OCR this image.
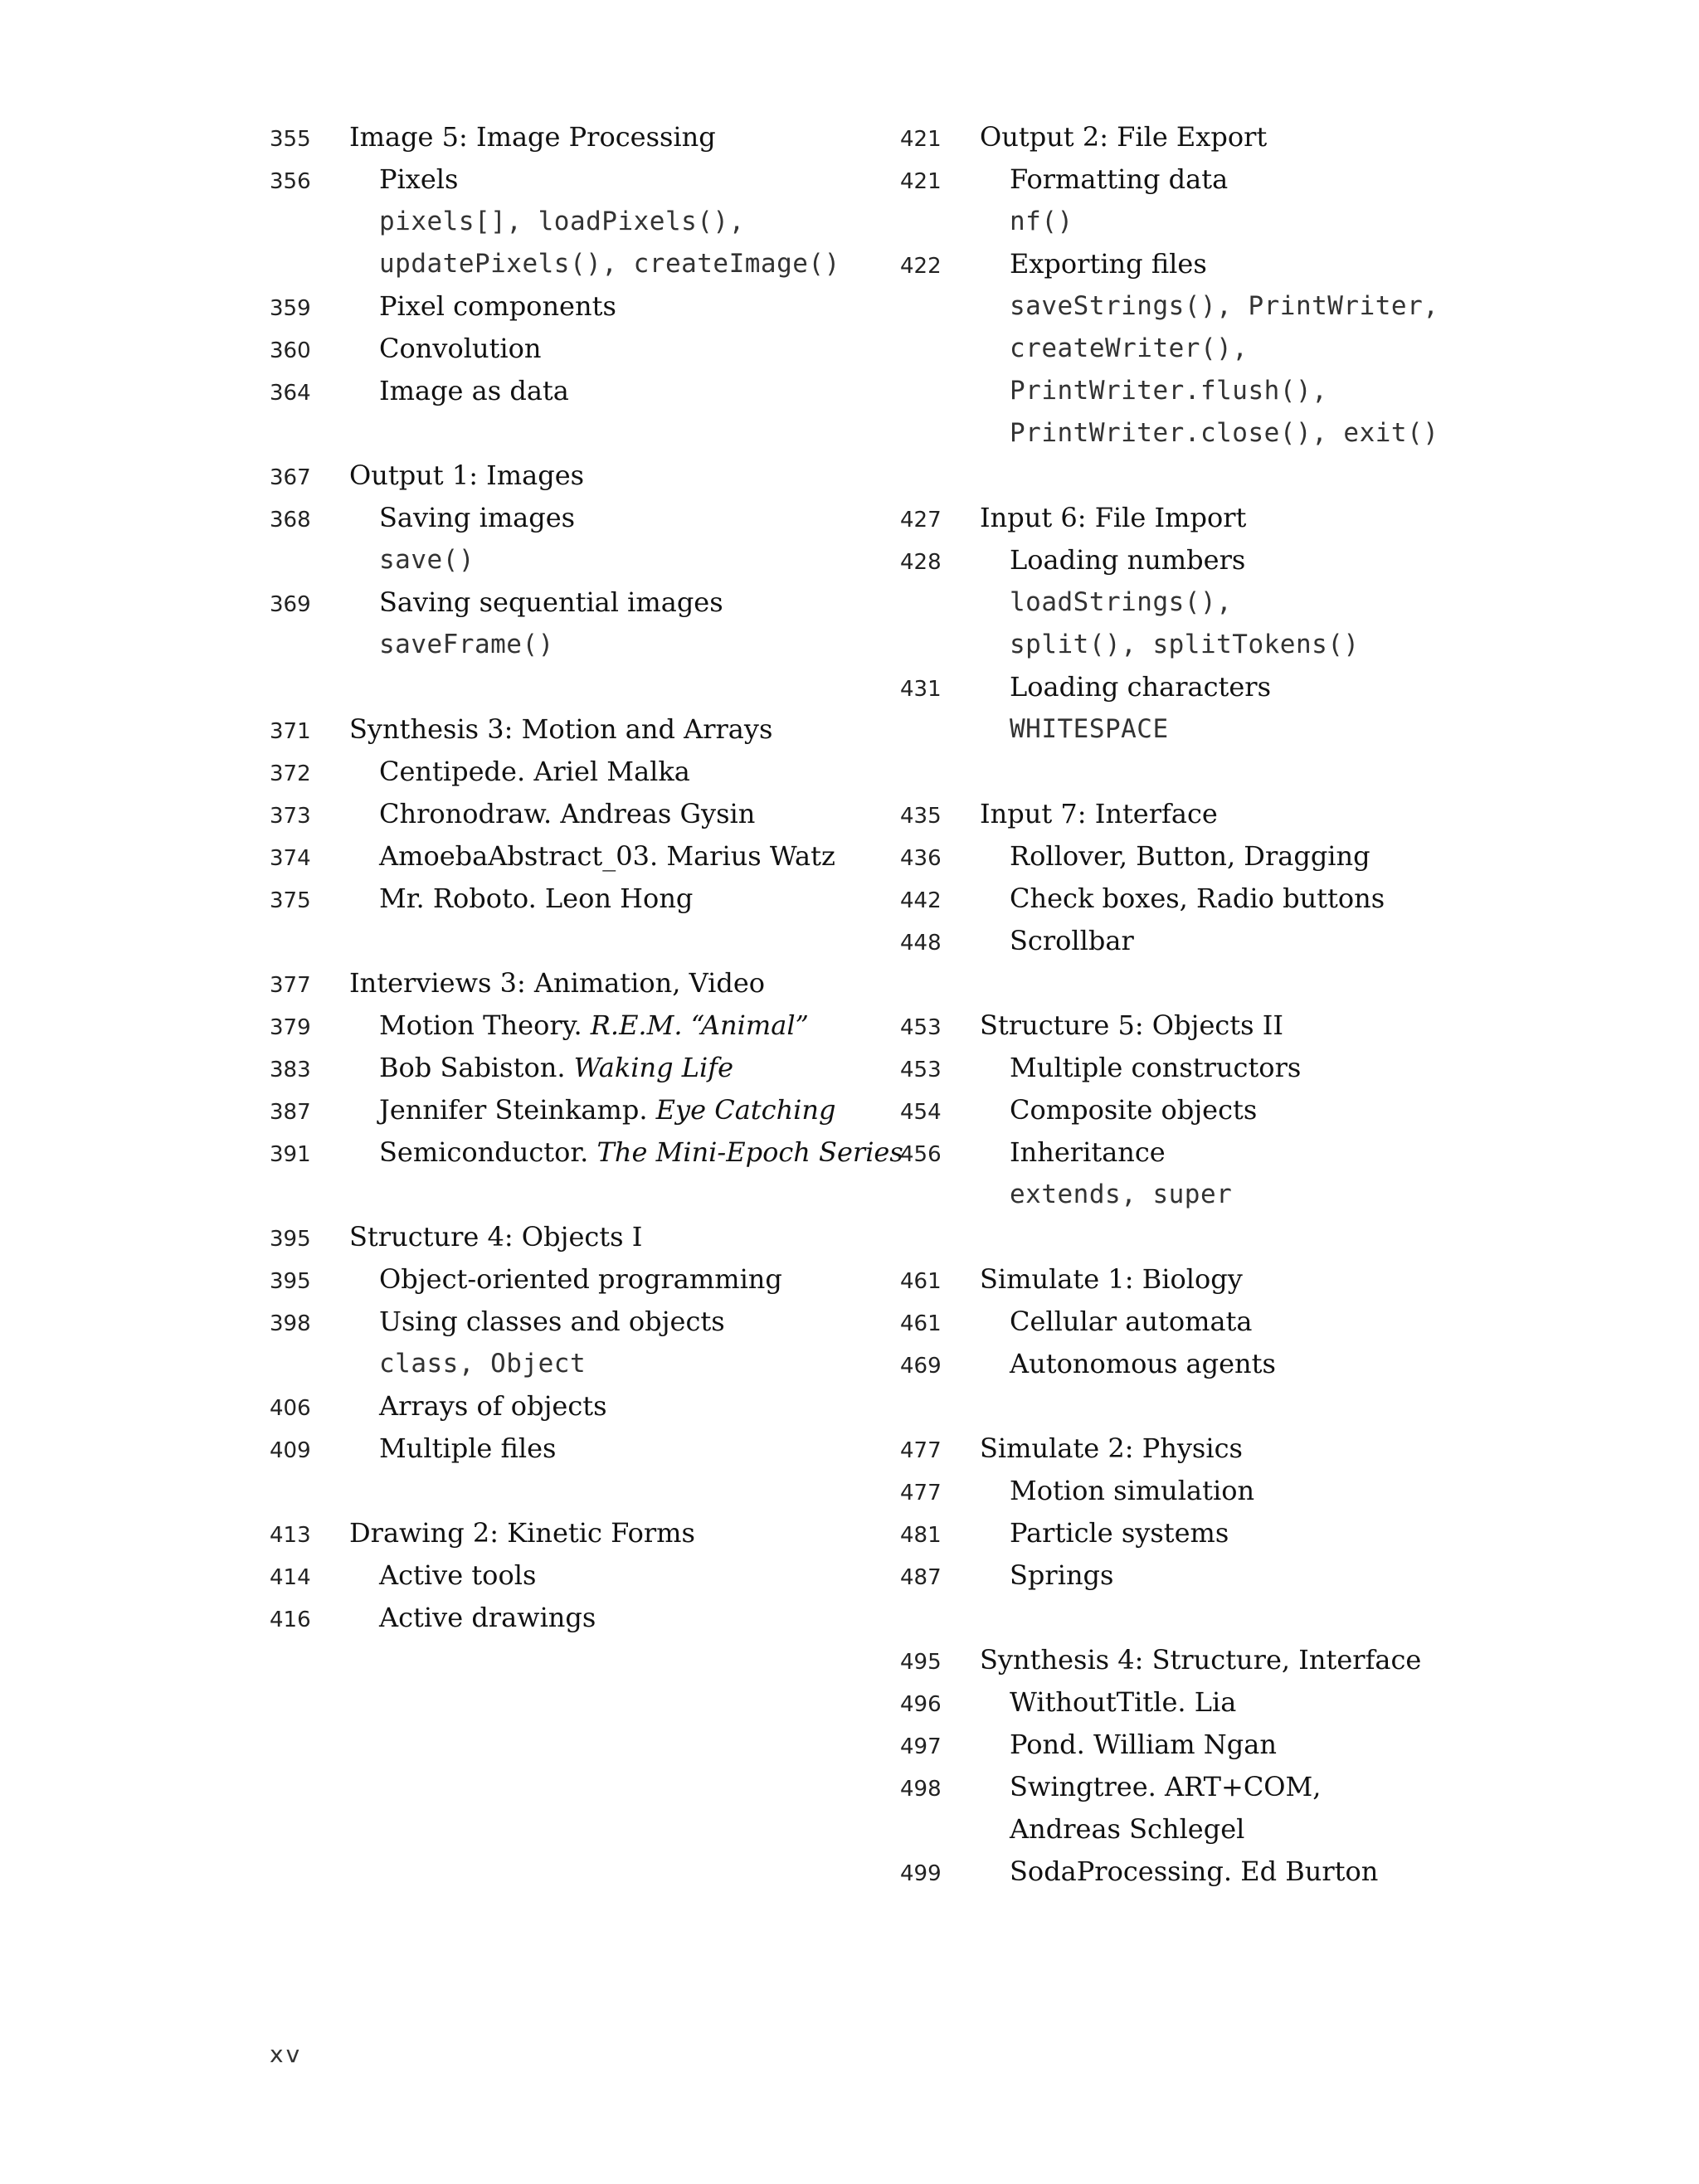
355	Image 5: Image Processing
356	Pixels
pixels[], loadPixels(),
updatePixels(), createImage()
359	Pixel components
360	Convolution
364	Image as data
367	Output 1: Images
368	Saving images
save()
369	Saving sequential images
saveFrame()
371	Synthesis 3: Motion and Arrays
372	Centipede. Ariel Malka
373	Chronodraw. Andreas Gysin
374	AmoebaAbstract_03. Marius Watz
375	Mr. Roboto. Leon Hong
377	Interviews 3: Animation, Video
379	Motion Theory. R.E.M. “Animal”
383	Bob Sabiston. Waking Life
387	Jennifer Steinkamp. Eye Catching
391	Semiconductor. The Mini-Epoch Series
395	Structure 4: Objects I
395	Object-oriented programming
398	Using classes and objects
class, Object
406	Arrays of objects
409	Multiple files
413	Drawing 2: Kinetic Forms
414	Active tools
416	Active drawings
421	Output 2: File Export
421	Formatting data
nf()
422	Exporting files
saveStrings(), PrintWriter,
createWriter(),
PrintWriter.flush(),
PrintWriter.close(), exit()
427	Input 6: File Import
428	Loading numbers
loadStrings(),
split(), splitTokens()
431	Loading characters
WHITESPACE
435	Input 7: Interface
436	Rollover, Button, Dragging
442	Check boxes, Radio buttons
448	Scrollbar
453	Structure 5: Objects II
453	Multiple constructors
454	Composite objects
456	Inheritance
extends, super
461	Simulate 1: Biology
461	Cellular automata
469	Autonomous agents
477	Simulate 2: Physics
477	Motion simulation
481	Particle systems
487	Springs
495	Synthesis 4: Structure, Interface
496	WithoutTitle. Lia
497	Pond. William Ngan
498	Swingtree. ART+COM,
Andreas Schlegel
499	SodaProcessing. Ed Burton
xv
